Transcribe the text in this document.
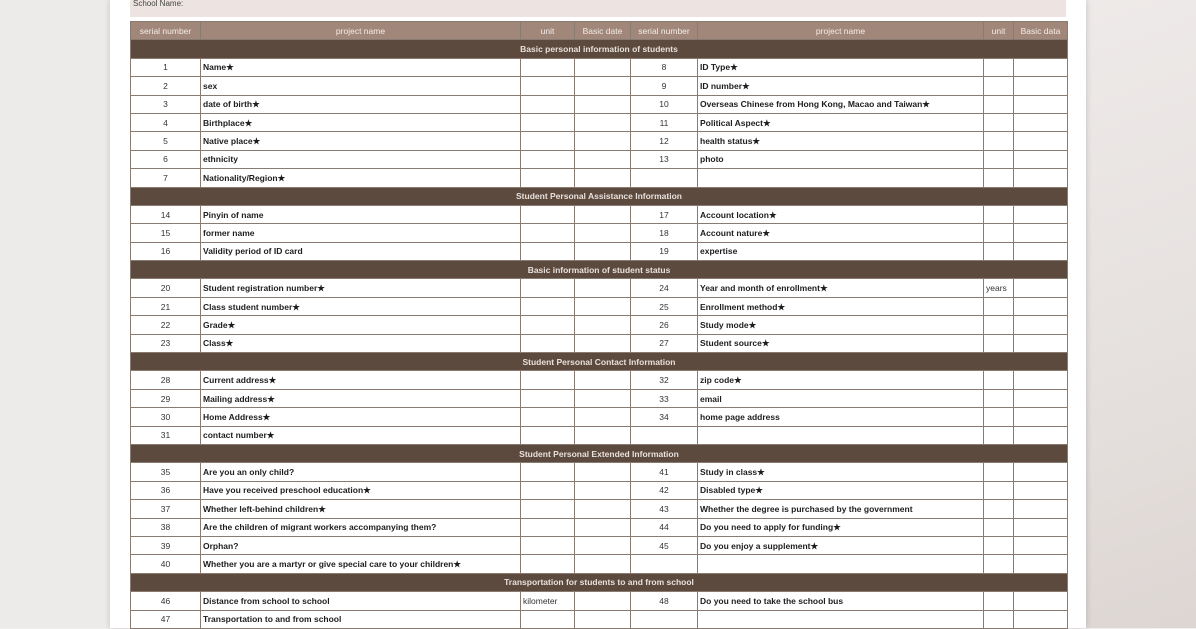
School Name:
serial number	project name	unit	Basic date	serial number	project name	unit	Basic data
Basic personal information of students							
1	Name★			8	ID Type★		
2	sex			9	ID number★		
3	date of birth★			10	Overseas Chinese from Hong Kong, Macao and Taiwan★		
4	Birthplace★			11	Political Aspect★		
5	Native place★			12	health status★		
6	ethnicity			13	photo		
7	Nationality/Region★						
Student Personal Assistance Information							
14	Pinyin of name			17	Account location★		
15	former name			18	Account nature★		
16	Validity period of ID card			19	expertise		
Basic information of student status							
20	Student registration number★			24	Year and month of enrollment★	years	
21	Class student number★			25	Enrollment method★		
22	Grade★			26	Study mode★		
23	Class★			27	Student source★		
Student Personal Contact Information							
28	Current address★			32	zip code★		
29	Mailing address★			33	email		
30	Home Address★			34	home page address		
31	contact number★						
Student Personal Extended Information							
35	Are you an only child?			41	Study in class★		
36	Have you received preschool education★			42	Disabled type★		
37	Whether left-behind children★			43	Whether the degree is purchased by the government		
38	Are the children of migrant workers accompanying them?			44	Do you need to apply for funding★		
39	Orphan?			45	Do you enjoy a supplement★		
40	Whether you are a martyr or give special care to your children★						
Transportation for students to and from school							
46	Distance from school to school	kilometer		48	Do you need to take the school bus		
47	Transportation to and from school						
